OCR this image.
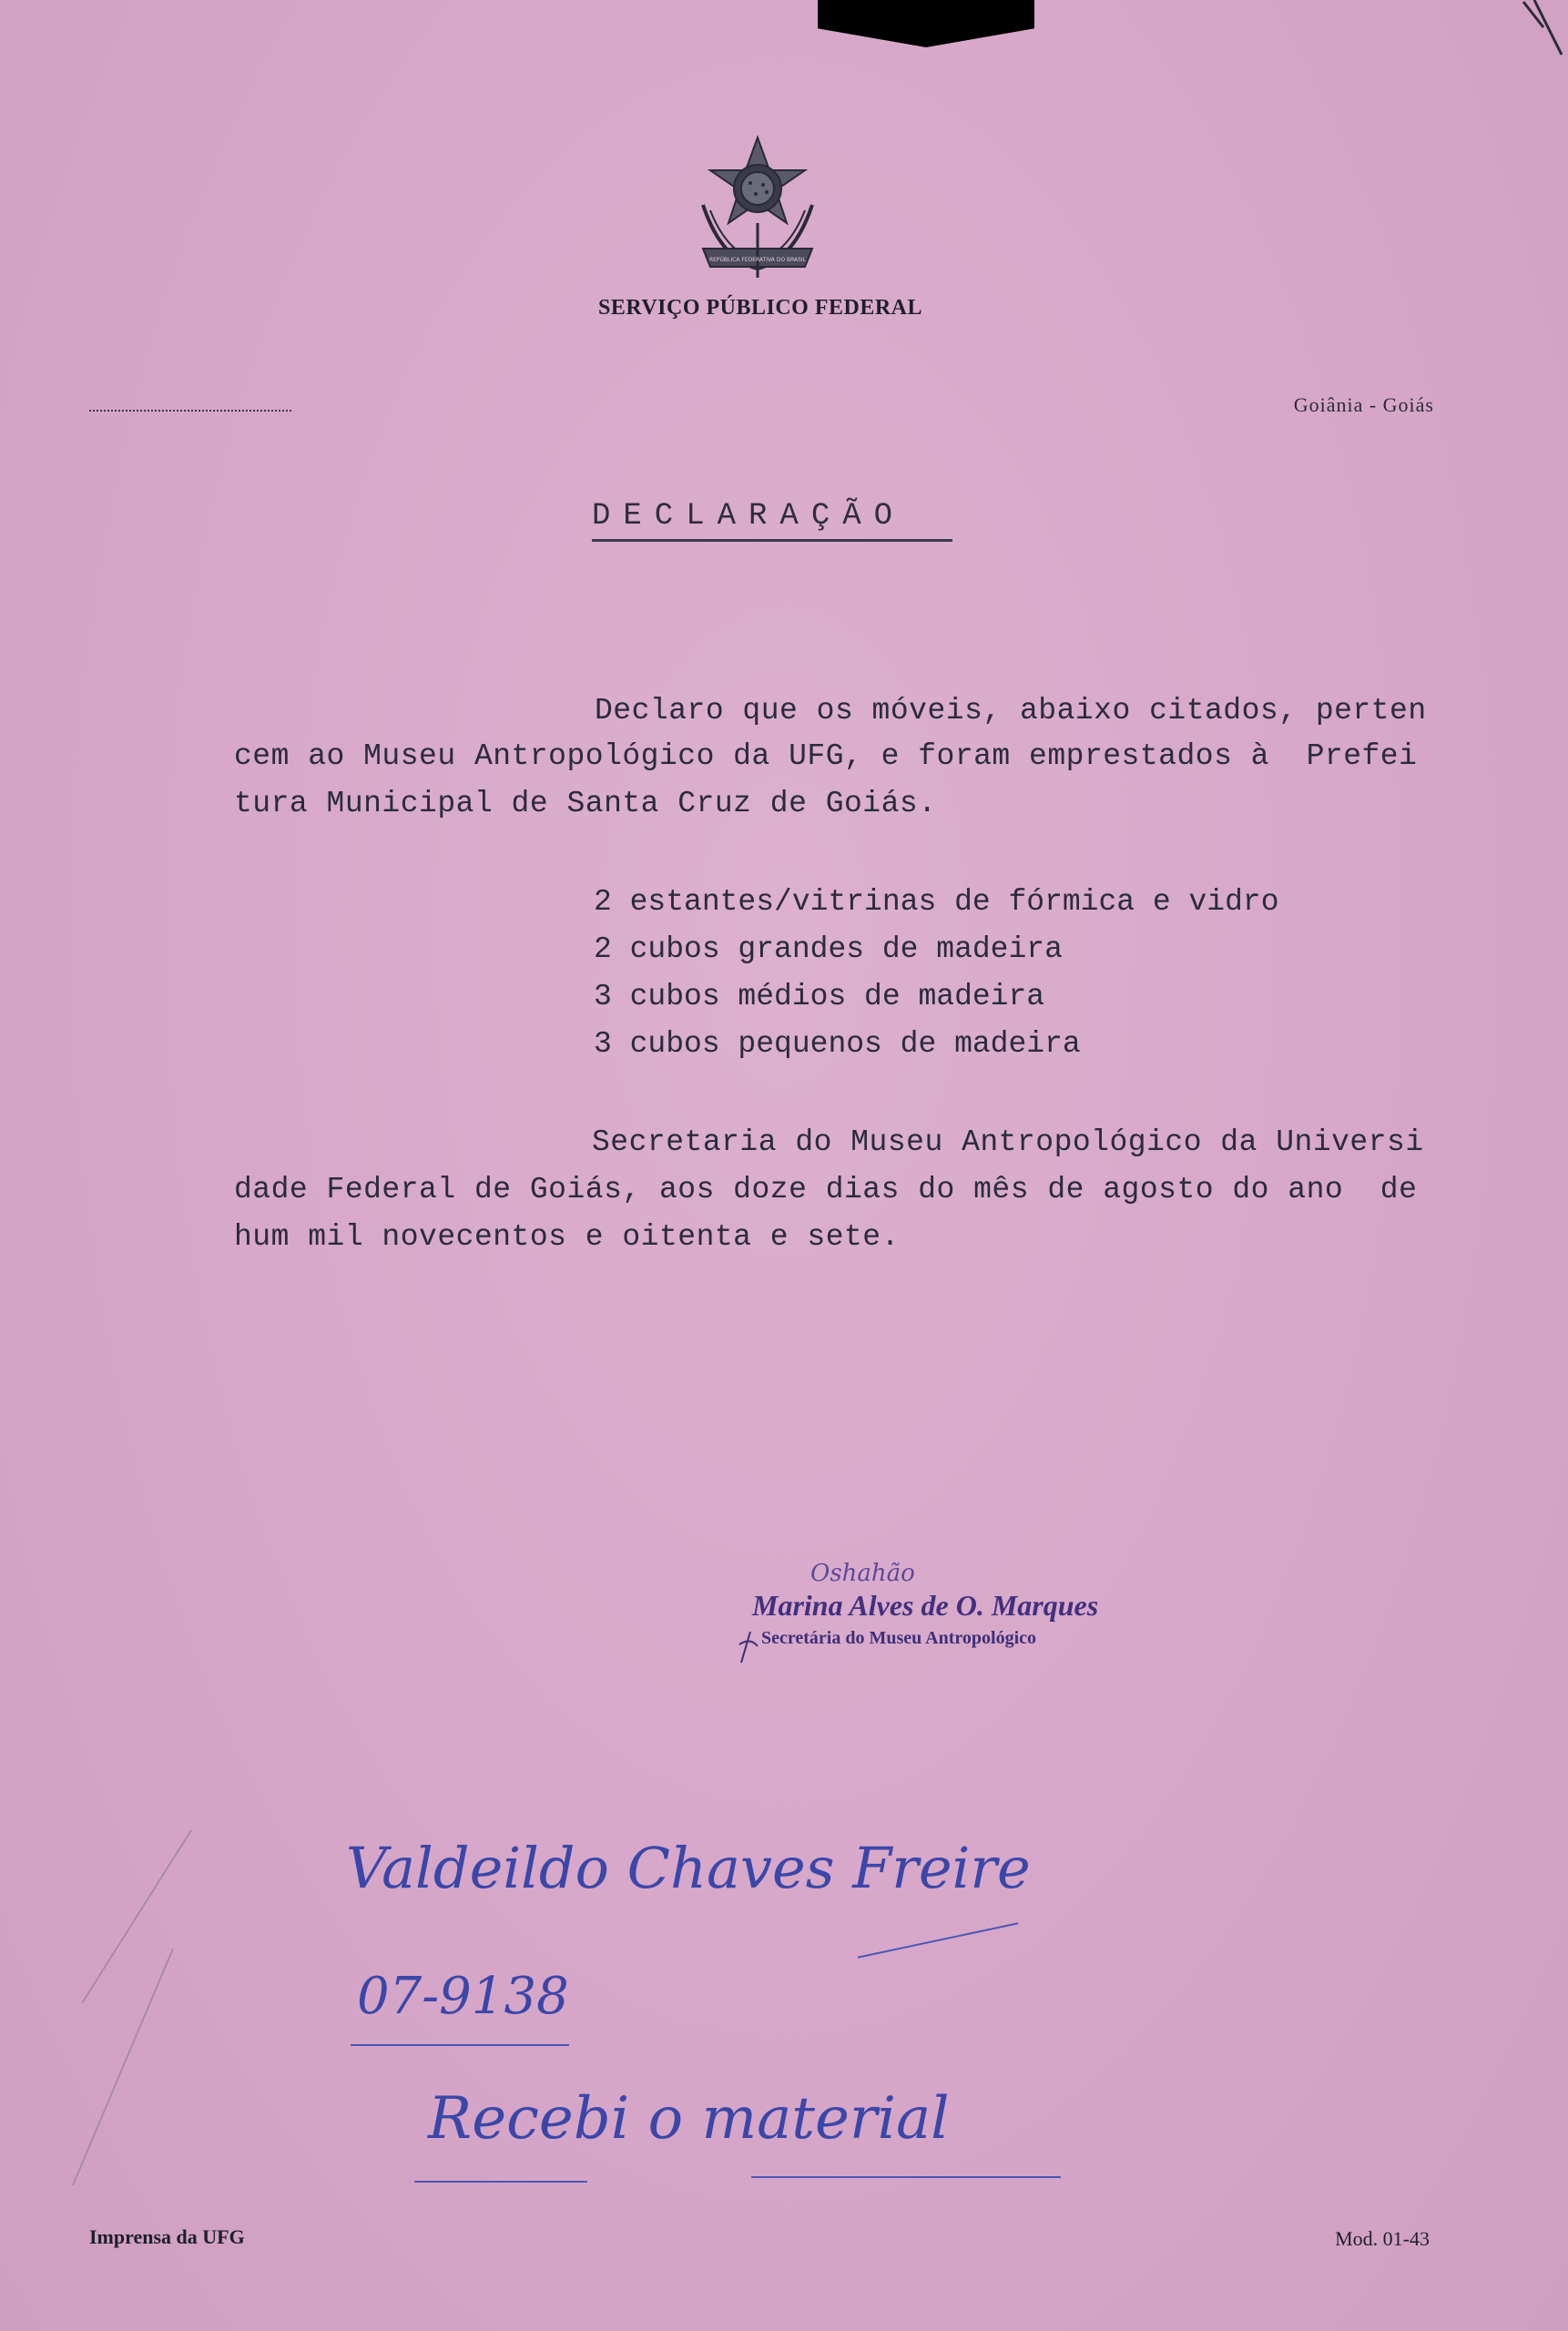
REPÚBLICA FEDERATIVA DO BRASIL
SERVIÇO PÚBLICO FEDERAL
Goiânia - Goiás
DECLARAÇÃO
Declaro que os móveis, abaixo citados, perten
cem ao Museu Antropológico da UFG, e foram emprestados à  Prefei
tura Municipal de Santa Cruz de Goiás.
2 estantes/vitrinas de fórmica e vidro
2 cubos grandes de madeira
3 cubos médios de madeira
3 cubos pequenos de madeira
Secretaria do Museu Antropológico da Universi
dade Federal de Goiás, aos doze dias do mês de agosto do ano  de
hum mil novecentos e oitenta e sete.
Oshahão
Marina Alves de O. Marques
Secretária do Museu Antropológico
Valdeildo Chaves Freire
07-9138
Recebi o material
Imprensa da UFG	Mod. 01-43
